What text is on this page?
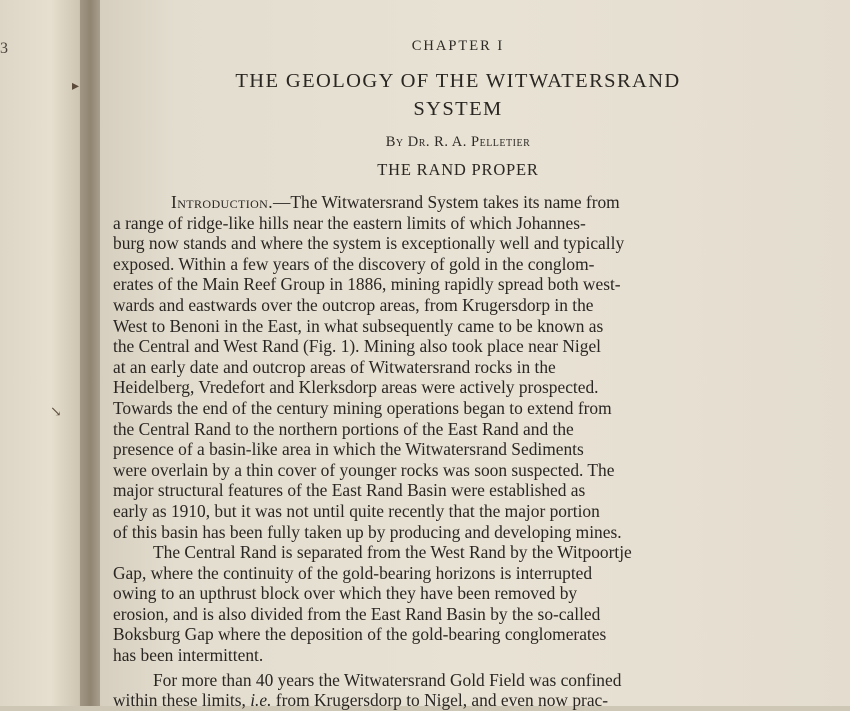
3	CHAPTER I
THE GEOLOGY OF THE WITWATERSRAND
SYSTEM
By Dr. R. A. Pelletier
THE RAND PROPER
Introduction.—The Witwatersrand System takes its name from
a range of ridge-like hills near the eastern limits of which Johannes-
burg now stands and where the system is exceptionally well and typically
exposed. Within a few years of the discovery of gold in the conglom-
erates of the Main Reef Group in 1886, mining rapidly spread both west-
wards and eastwards over the outcrop areas, from Krugersdorp in the
West to Benoni in the East, in what subsequently came to be known as
the Central and West Rand (Fig. 1). Mining also took place near Nigel
at an early date and outcrop areas of Witwatersrand rocks in the
Heidelberg, Vredefort and Klerksdorp areas were actively prospected.
Towards the end of the century mining operations began to extend from
the Central Rand to the northern portions of the East Rand and the
presence of a basin-like area in which the Witwatersrand Sediments
were overlain by a thin cover of younger rocks was soon suspected. The
major structural features of the East Rand Basin were established as
early as 1910, but it was not until quite recently that the major portion
of this basin has been fully taken up by producing and developing mines.
The Central Rand is separated from the West Rand by the Witpoortje
Gap, where the continuity of the gold-bearing horizons is interrupted
owing to an upthrust block over which they have been removed by
erosion, and is also divided from the East Rand Basin by the so-called
Boksburg Gap where the deposition of the gold-bearing conglomerates
has been intermittent.
For more than 40 years the Witwatersrand Gold Field was confined
within these limits, i.e. from Krugersdorp to Nigel, and even now prac-
▸
↘
